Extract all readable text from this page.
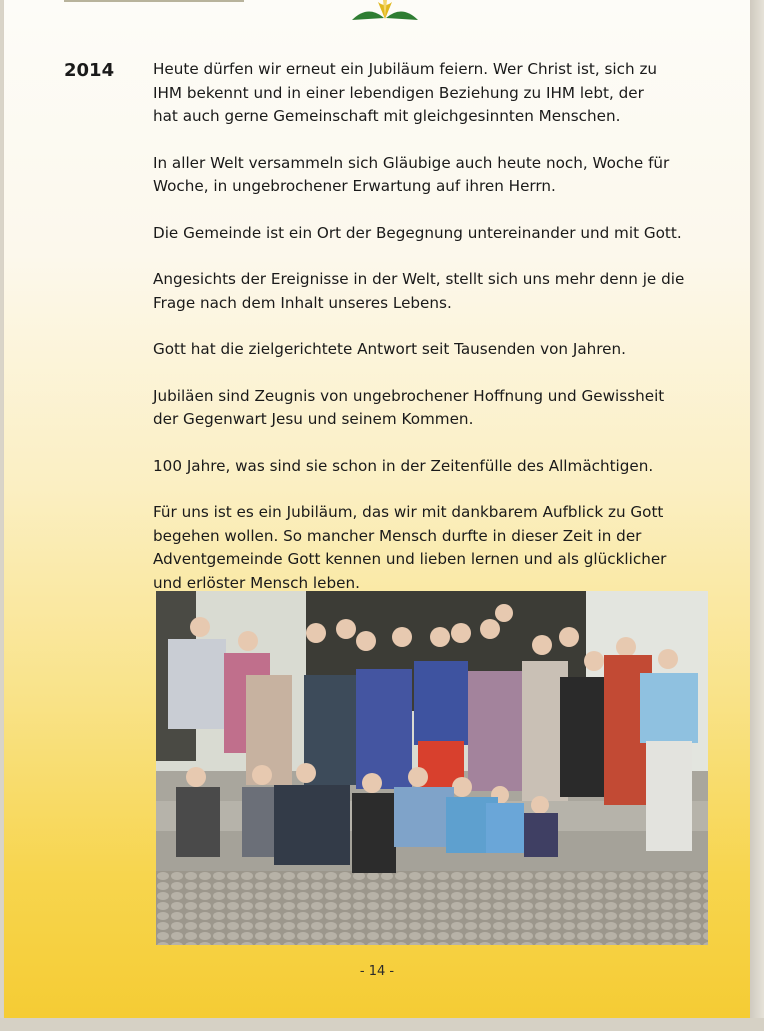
2014	Heute dürfen wir erneut ein Jubiläum feiern. Wer Christ ist, sich zu
IHM bekennt und in einer lebendigen Beziehung zu IHM lebt, der
hat auch gerne Gemeinschaft mit gleichgesinnten Menschen.

In aller Welt versammeln sich Gläubige auch heute noch, Woche für
Woche, in ungebrochener Erwartung auf ihren Herrn.

Die Gemeinde ist ein Ort der Begegnung untereinander und mit Gott.

Angesichts der Ereignisse in der Welt, stellt sich uns mehr denn je die
Frage nach dem Inhalt unseres Lebens.

Gott hat die zielgerichtete Antwort seit Tausenden von Jahren.

Jubiläen sind Zeugnis von ungebrochener Hoffnung und Gewissheit
der Gegenwart Jesu und seinem Kommen.

100 Jahre, was sind sie schon in der Zeitenfülle des Allmächtigen.

Für uns ist es ein Jubiläum, das wir mit dankbarem Aufblick zu Gott
begehen wollen. So mancher Mensch durfte in dieser Zeit in der
Adventgemeinde Gott kennen und lieben lernen und als glücklicher
und erlöster Mensch leben.

- 14 -
